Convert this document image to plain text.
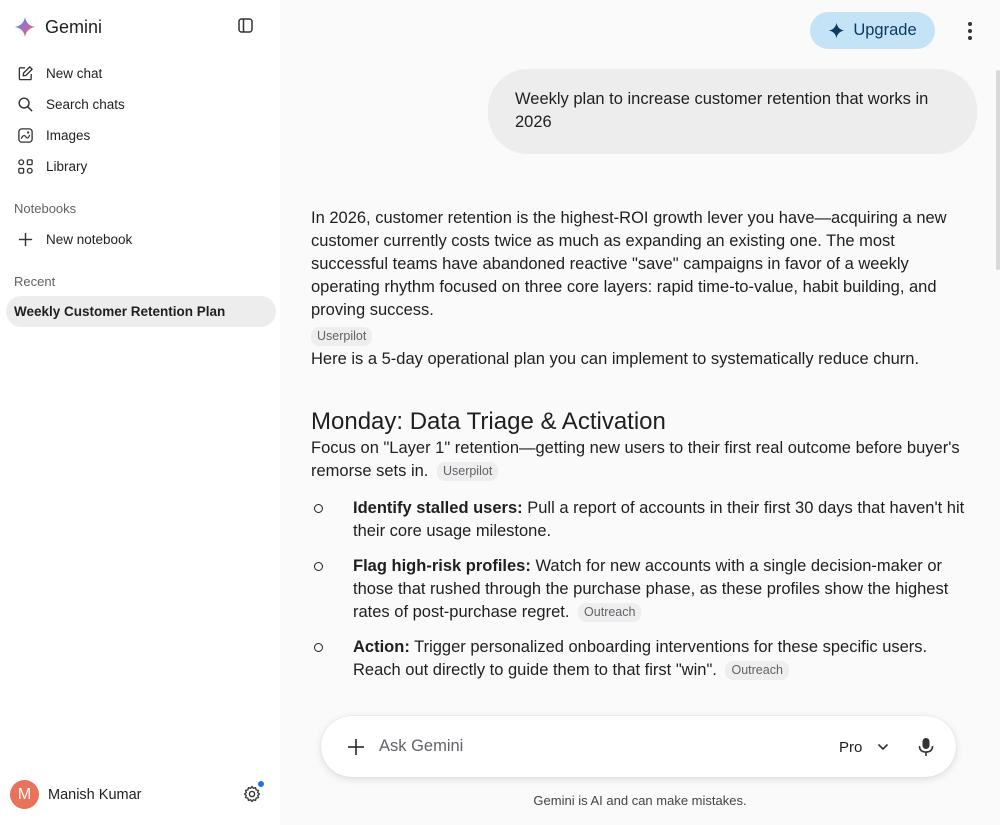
Gemini
New chat
Search chats
Images
Library
Notebooks
New notebook
Recent
Weekly Customer Retention Plan
M	Manish Kumar
Upgrade
Weekly plan to increase customer retention that works in 2026

In 2026, customer retention is the highest-ROI growth lever you have—acquiring a new customer currently costs twice as much as expanding an existing one. The most successful teams have abandoned reactive "save" campaigns in favor of a weekly operating rhythm focused on three core layers: rapid time-to-value, habit building, and proving success.

Userpilot

Here is a 5-day operational plan you can implement to systematically reduce churn.

Monday: Data Triage & Activation

Focus on "Layer 1" retention—getting new users to their first real outcome before buyer's remorse sets in. Userpilot

Identify stalled users: Pull a report of accounts in their first 30 days that haven't hit their core usage milestone.
Flag high-risk profiles: Watch for new accounts with a single decision-maker or those that rushed through the purchase phase, as these profiles show the highest rates of post-purchase regret. Outreach
Action: Trigger personalized onboarding interventions for these specific users. Reach out directly to guide them to that first "win". Outreach
Ask Gemini
Pro
Gemini is AI and can make mistakes.
